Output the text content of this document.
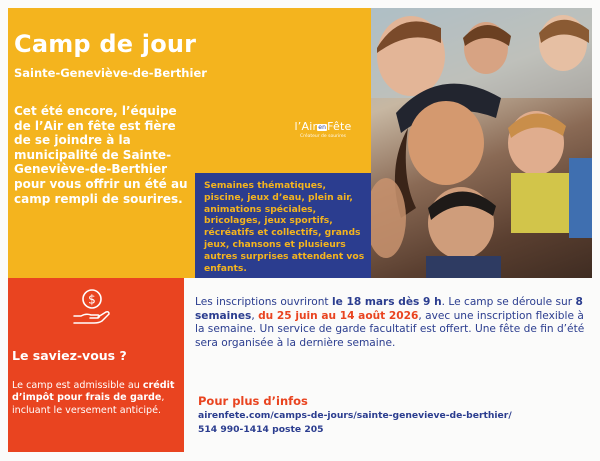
Camp de jour
Sainte-Geneviève-de-Berthier
Cet été encore, l’équipe de l’Air en fête est fière de se joindre à la municipalité de Sainte-Geneviève-de-Berthier pour vous offrir un été au camp rempli de sourires.
l’AirenFête
Créateur de sourires
Semaines thématiques, piscine, jeux d’eau, plein air, animations spéciales, bricolages, jeux sportifs, récréatifs et collectifs, grands jeux, chansons et plusieurs autres surprises attendent vos enfants.
$
Le saviez-vous ?
Le camp est admissible au crédit d’impôt pour frais de garde, incluant le versement anticipé.
Les inscriptions ouvriront le 18 mars dès 9 h. Le camp se déroule sur 8 semaines, du 25 juin au 14 août 2026, avec une inscription flexible à la semaine. Un service de garde facultatif est offert. Une fête de fin d’été sera organisée à la dernière semaine.
Pour plus d’infos
airenfete.com/camps-de-jours/sainte-genevieve-de-berthier/
514 990-1414 poste 205
